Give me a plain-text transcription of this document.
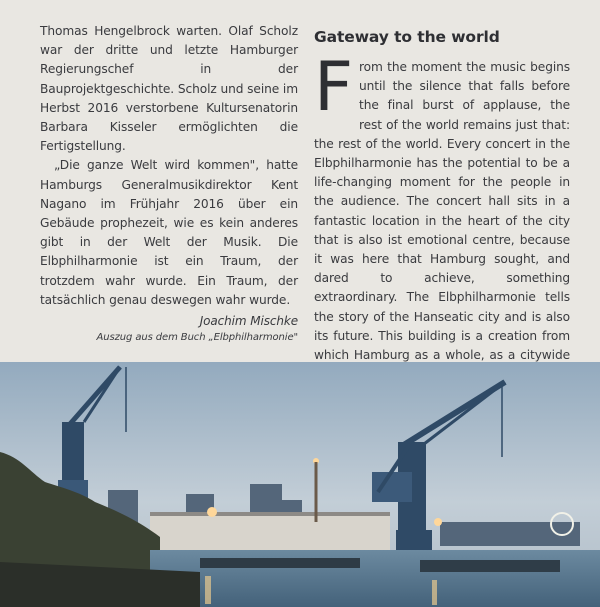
Thomas Hengelbrock warten. Olaf Scholz war der dritte und letzte Hamburger Regierungschef in der Bauprojektgeschichte. Scholz und seine im Herbst 2016 verstorbene Kultursenatorin Barbara Kisseler ermöglichten die Fertigstellung.

„Die ganze Welt wird kommen", hatte Hamburgs Generalmusikdirektor Kent Nagano im Frühjahr 2016 über ein Gebäude prophezeit, wie es kein anderes gibt in der Welt der Musik. Die Elbphilharmonie ist ein Traum, der trotzdem wahr wurde. Ein Traum, der tatsächlich genau deswegen wahr wurde.

Joachim Mischke
Auszug aus dem Buch „Elbphilharmonie"
Gateway to the world

From the moment the music begins until the silence that falls before the final burst of applause, the rest of the world remains just that: the rest of the world. Every concert in the Elbphilharmonie has the potential to be a life-changing moment for the people in the audience. The concert hall sits in a fantastic location in the heart of the city that is also ist emotional centre, because it was here that Hamburg sought, and dared to achieve, something extraordinary. The Elbphilharmonie tells the story of the Hanseatic city and is also its future. This building is a creation from which Hamburg as a whole, as a citywide
